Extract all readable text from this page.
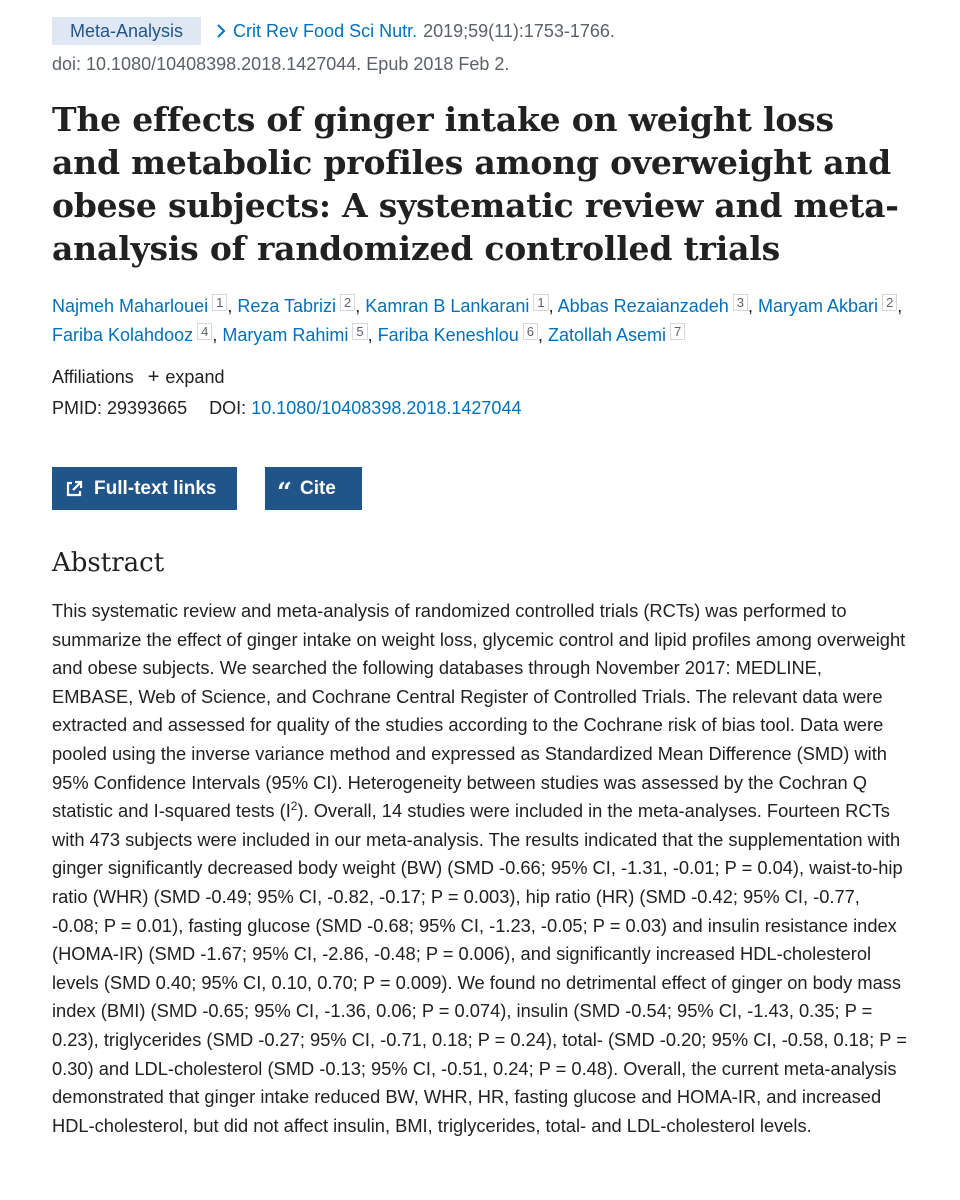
Meta-Analysis	Crit Rev Food Sci Nutr. 2019;59(11):1753-1766.
doi: 10.1080/10408398.2018.1427044. Epub 2018 Feb 2.
The effects of ginger intake on weight loss and metabolic profiles among overweight and obese subjects: A systematic review and meta-analysis of randomized controlled trials
Najmeh Maharlouei $^1$ , Reza Tabrizi $^2$ , Kamran B Lankarani $^1$ , Abbas Rezaianzadeh $^3$ , Maryam Akbari $^2$ , Fariba Kolahdooz $^4$ , Maryam Rahimi $^5$ , Fariba Keneshlou $^6$ , Zatollah Asemi $^7$
Affiliations + expand
PMID: 29393665 DOI: 10.1080/10408398.2018.1427044
Full-text links “ Cite
Abstract

This systematic review and meta-analysis of randomized controlled trials (RCTs) was performed to summarize the effect of ginger intake on weight loss, glycemic control and lipid profiles among overweight and obese subjects. We searched the following databases through November 2017: MEDLINE, EMBASE, Web of Science, and Cochrane Central Register of Controlled Trials. The relevant data were extracted and assessed for quality of the studies according to the Cochrane risk of bias tool. Data were pooled using the inverse variance method and expressed as Standardized Mean Difference (SMD) with 95% Confidence Intervals (95% CI). Heterogeneity between studies was assessed by the Cochran Q statistic and I-squared tests $(I^2)$. Overall, 14 studies were included in the meta-analyses. Fourteen RCTs with 473 subjects were included in our meta-analysis. The results indicated that the supplementation with ginger significantly decreased body weight (BW) (SMD -0.66; 95% CI, -1.31, -0.01; P = 0.04), waist-to-hip ratio (WHR) (SMD -0.49; 95% CI, -0.82, -0.17; P = 0.003), hip ratio (HR) (SMD -0.42; 95% CI, -0.77, -0.08; P = 0.01), fasting glucose (SMD -0.68; 95% CI, -1.23, -0.05; P = 0.03) and insulin resistance index (HOMA-IR) (SMD -1.67; 95% CI, -2.86, -0.48; P = 0.006), and significantly increased HDL-cholesterol levels (SMD 0.40; 95% CI, 0.10, 0.70; P = 0.009). We found no detrimental effect of ginger on body mass index (BMI) (SMD -0.65; 95% CI, -1.36, 0.06; P = 0.074), insulin (SMD -0.54; 95% CI, -1.43, 0.35; P = 0.23), triglycerides (SMD -0.27; 95% CI, -0.71, 0.18; P = 0.24), total- (SMD -0.20; 95% CI, -0.58, 0.18; P = 0.30) and LDL-cholesterol (SMD -0.13; 95% CI, -0.51, 0.24; P = 0.48). Overall, the current meta-analysis demonstrated that ginger intake reduced BW, WHR, HR, fasting glucose and HOMA-IR, and increased HDL-cholesterol, but did not affect insulin, BMI, triglycerides, total- and LDL-cholesterol levels.
